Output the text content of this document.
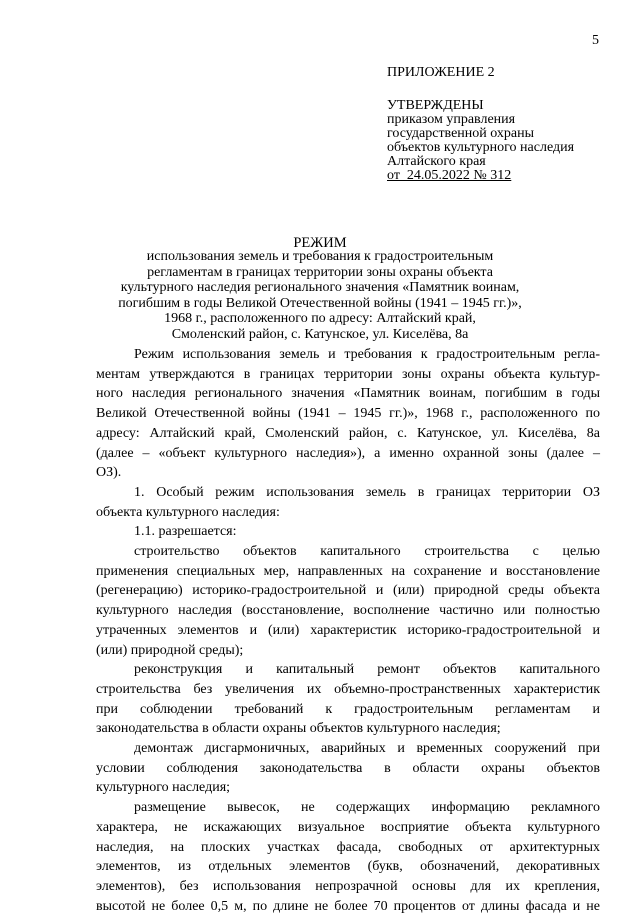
5
ПРИЛОЖЕНИЕ 2
УТВЕРЖДЕНЫ
приказом управления
государственной охраны
объектов культурного наследия
Алтайского края
от  24.05.2022 № 312
РЕЖИМ
использования земель и требования к градостроительным
регламентам в границах территории зоны охраны объекта
культурного наследия регионального значения «Памятник воинам,
погибшим в годы Великой Отечественной войны (1941 – 1945 гг.)»,
1968 г., расположенного по адресу: Алтайский край,
Смоленский район, с. Катунское, ул. Киселёва, 8а
Режим использования земель и требования к градостроительным регла-
ментам утверждаются в границах территории зоны охраны объекта культур-
ного наследия регионального значения «Памятник воинам, погибшим в годы
Великой Отечественной войны (1941 – 1945 гг.)», 1968 г., расположенного по
адресу: Алтайский край, Смоленский район, с. Катунское, ул. Киселёва, 8а
(далее – «объект культурного наследия»), а именно охранной зоны (далее –
ОЗ).
1. Особый режим использования земель в границах территории ОЗ
объекта культурного наследия:
1.1. разрешается:
строительство объектов капитального строительства с целью
применения специальных мер, направленных на сохранение и восстановление
(регенерацию) историко-градостроительной и (или) природной среды объекта
культурного наследия (восстановление, восполнение частично или полностью
утраченных элементов и (или) характеристик историко-градостроительной и
(или) природной среды);
реконструкция и капитальный ремонт объектов капитального
строительства без увеличения их объемно-пространственных характеристик
при соблюдении требований к градостроительным регламентам и
законодательства в области охраны объектов культурного наследия;
демонтаж дисгармоничных, аварийных и временных сооружений при
условии соблюдения законодательства в области охраны объектов
культурного наследия;
размещение вывесок, не содержащих информацию рекламного
характера, не искажающих визуальное восприятие объекта культурного
наследия, на плоских участках фасада, свободных от архитектурных
элементов, из отдельных элементов (букв, обозначений, декоративных
элементов), без использования непрозрачной основы для их крепления,
высотой не более 0,5 м, по длине не более 70 процентов от длины фасада и не
